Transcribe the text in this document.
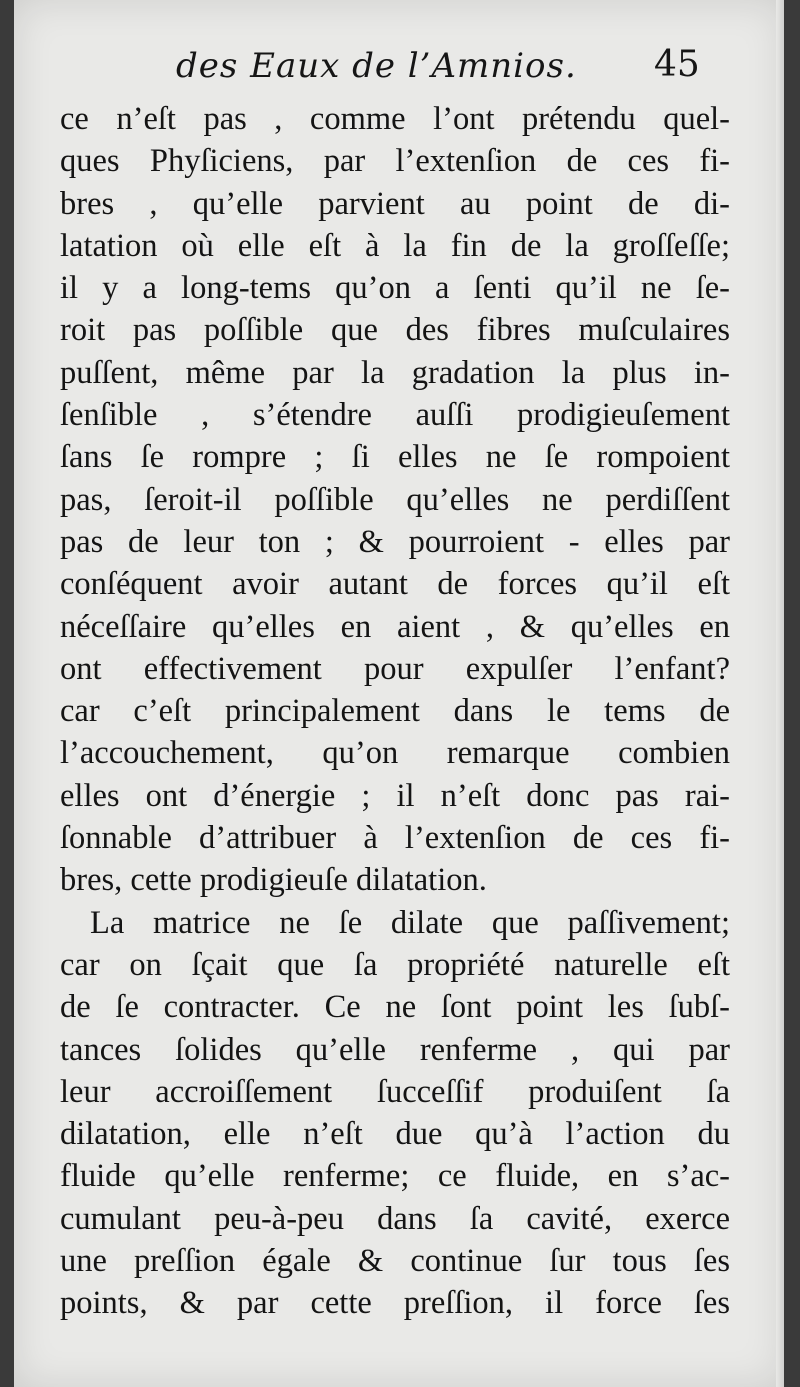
des Eaux de l’Amnios. 45
ce n’eſt pas , comme l’ont prétendu quel-
ques Phyſiciens, par l’extenſion de ces fi-
bres , qu’elle parvient au point de di-
latation où elle eſt à la fin de la groſſeſſe;
il y a long-tems qu’on a ſenti qu’il ne ſe-
roit pas poſſible que des fibres muſculaires
puſſent, même par la gradation la plus in-
ſenſible , s’étendre auſſi prodigieuſement
ſans ſe rompre ; ſi elles ne ſe rompoient
pas, ſeroit-il poſſible qu’elles ne perdiſſent
pas de leur ton ; & pourroient - elles par
conſéquent avoir autant de forces qu’il eſt
néceſſaire qu’elles en aient , & qu’elles en
ont effectivement pour expulſer l’enfant?
car c’eſt principalement dans le tems de
l’accouchement, qu’on remarque combien
elles ont d’énergie ; il n’eſt donc pas rai-
ſonnable d’attribuer à l’extenſion de ces fi-
bres, cette prodigieuſe dilatation.
La matrice ne ſe dilate que paſſivement;
car on ſçait que ſa propriété naturelle eſt
de ſe contracter. Ce ne ſont point les ſubſ-
tances ſolides qu’elle renferme , qui par
leur accroiſſement ſucceſſif produiſent ſa
dilatation, elle n’eſt due qu’à l’action du
fluide qu’elle renferme; ce fluide, en s’ac-
cumulant peu-à-peu dans ſa cavité, exerce
une preſſion égale & continue ſur tous ſes
points, & par cette preſſion, il force ſes
